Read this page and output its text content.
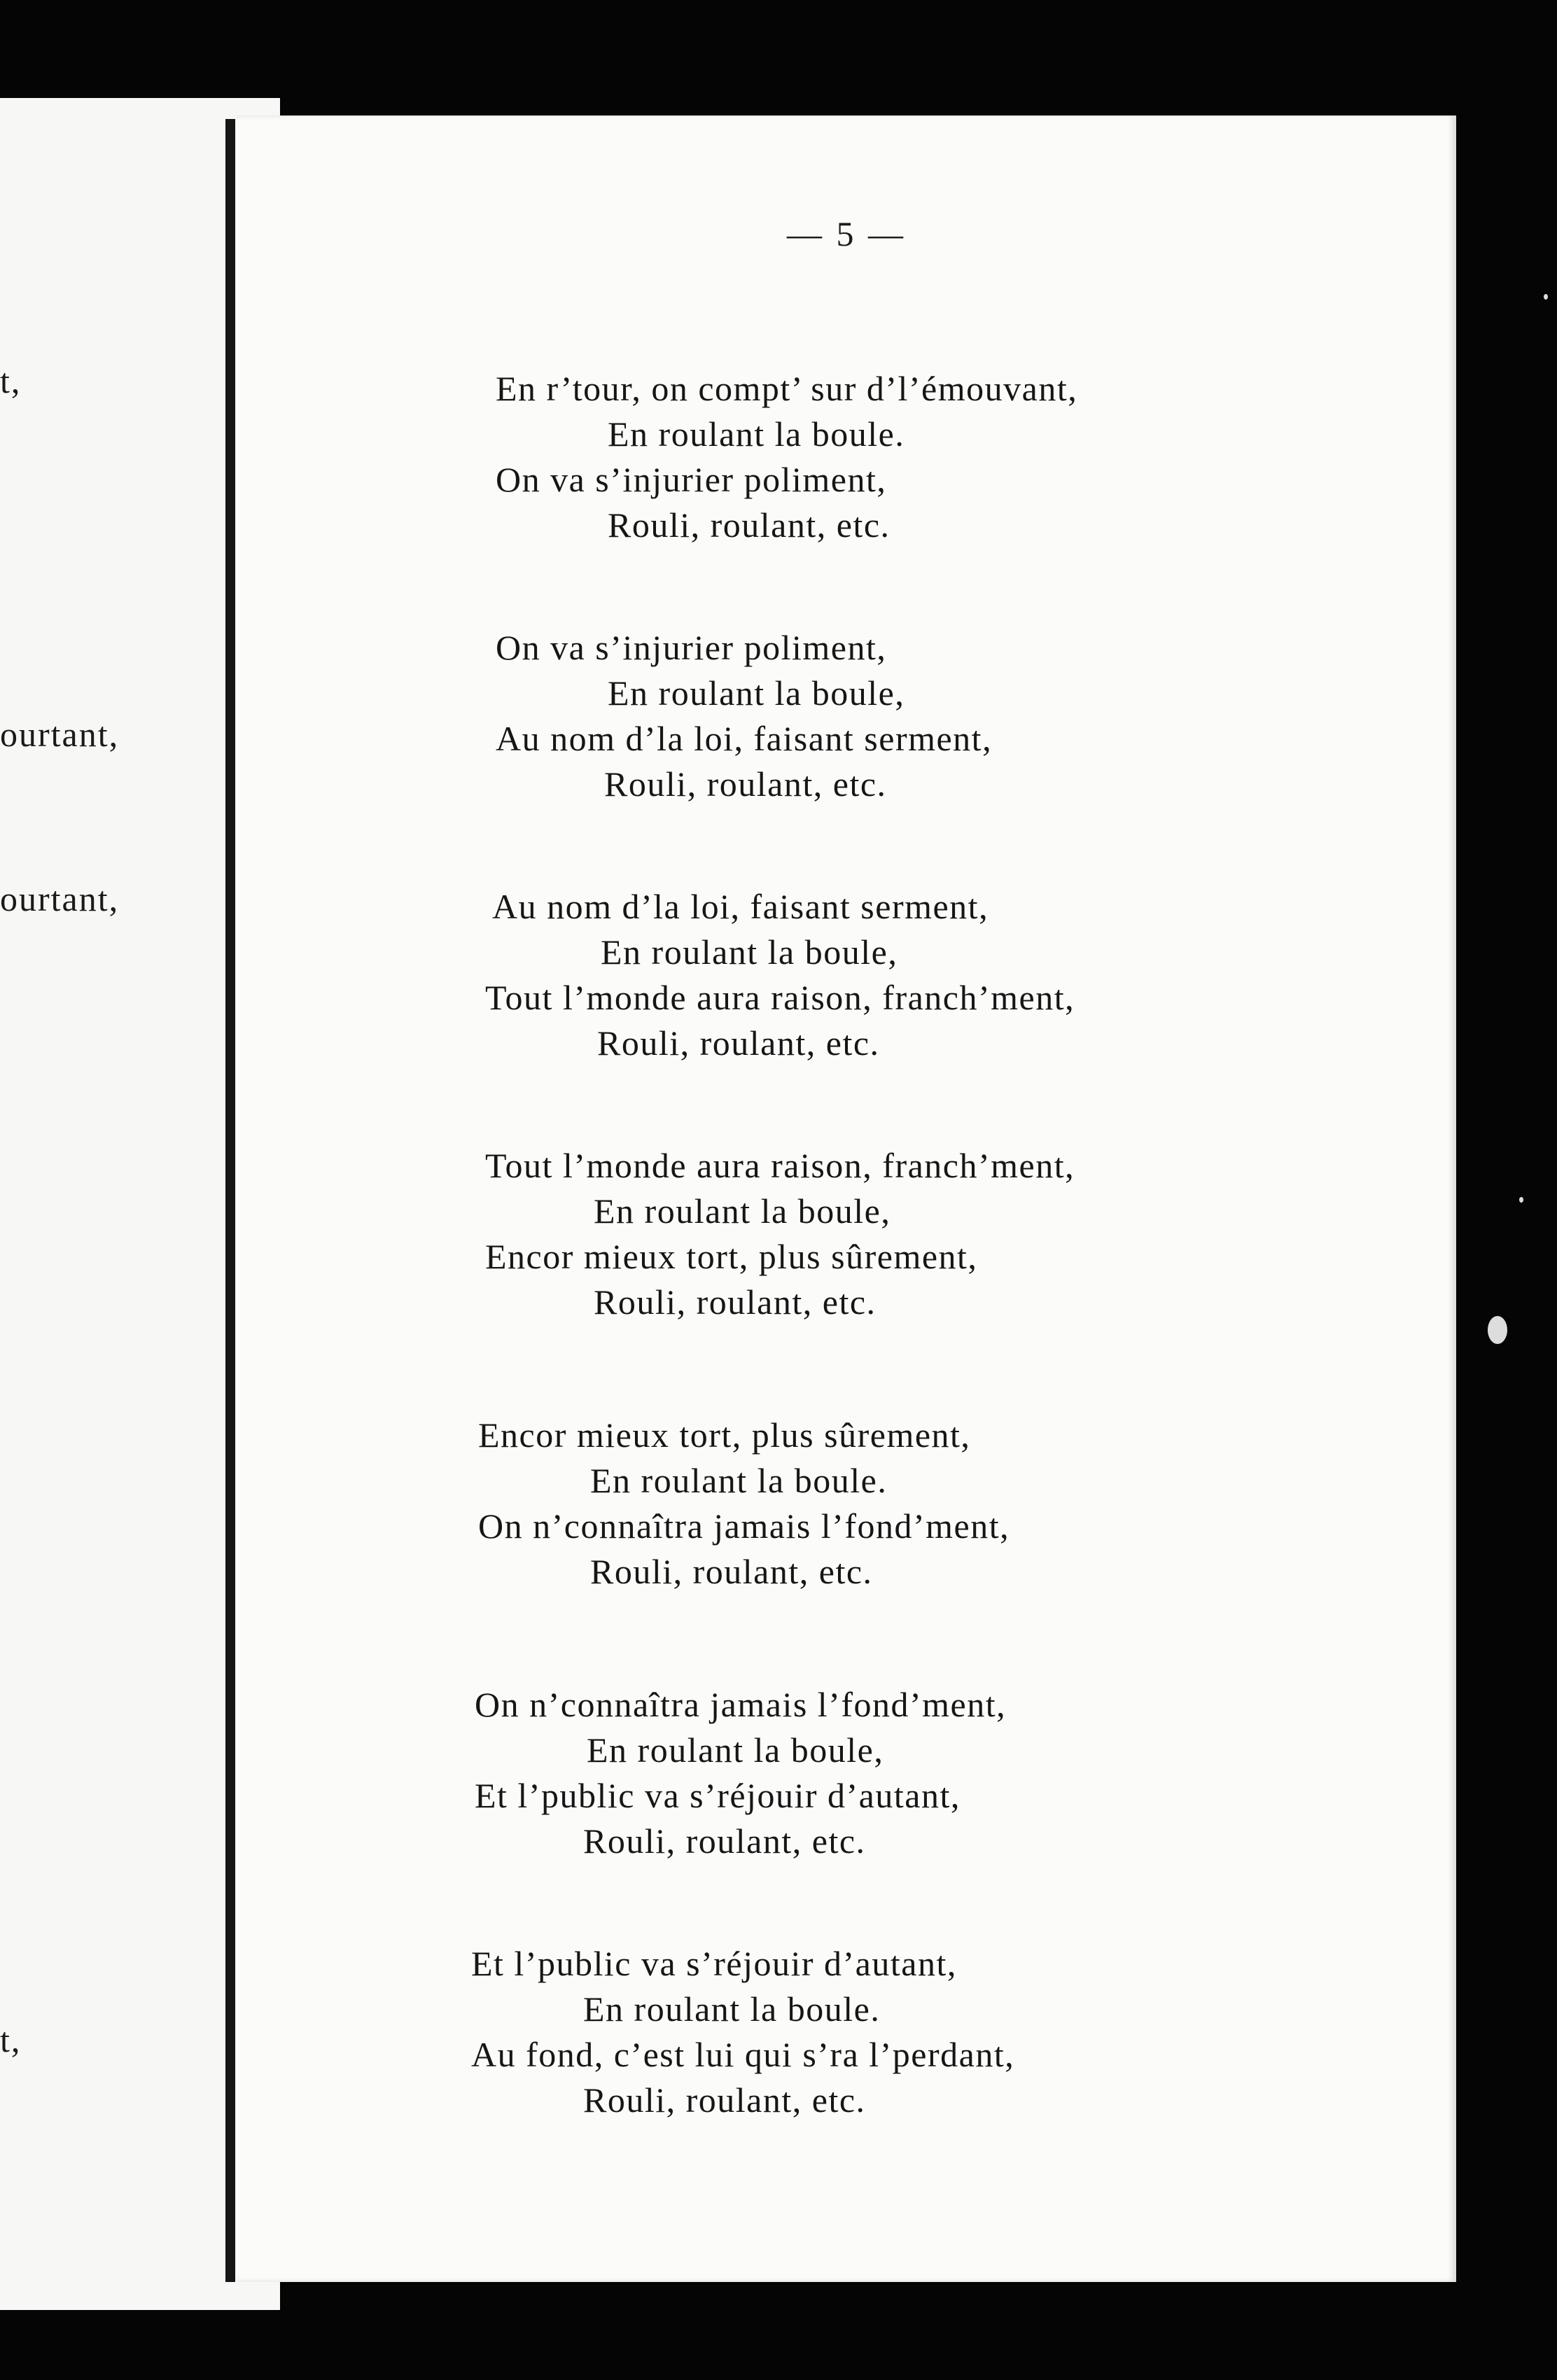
t,
ourtant,
ourtant,
t,
— 5 —
En r’tour, on compt’ sur d’l’émouvant,
En roulant la boule.
On va s’injurier poliment,
Rouli, roulant, etc.
On va s’injurier poliment,
En roulant la boule,
Au nom d’la loi, faisant serment,
Rouli, roulant, etc.
Au nom d’la loi, faisant serment,
En roulant la boule,
Tout l’monde aura raison, franch’ment,
Rouli, roulant, etc.
Tout l’monde aura raison, franch’ment,
En roulant la boule,
Encor mieux tort, plus sûrement,
Rouli, roulant, etc.
Encor mieux tort, plus sûrement,
En roulant la boule.
On n’connaîtra jamais l’fond’ment,
Rouli, roulant, etc.
On n’connaîtra jamais l’fond’ment,
En roulant la boule,
Et l’public va s’réjouir d’autant,
Rouli, roulant, etc.
Et l’public va s’réjouir d’autant,
En roulant la boule.
Au fond, c’est lui qui s’ra l’perdant,
Rouli, roulant, etc.
